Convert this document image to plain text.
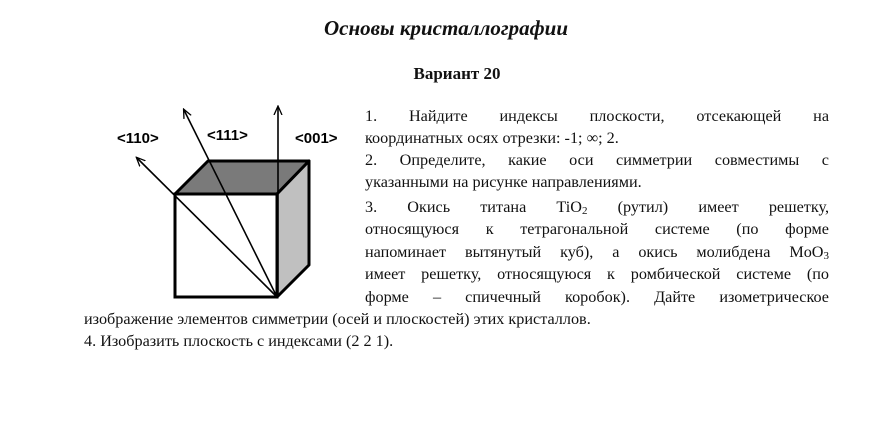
Основы кристаллографии
Вариант 20
<110>	<111>	<001>
1. Найдите индексы плоскости, отсекающей на
координатных осях отрезки: -1; ∞; 2.
2. Определите, какие оси симметрии совместимы с
указанными на рисунке направлениями.
3. Окись титана TiO$_2$ (рутил) имеет решетку,
относящуюся к тетрагональной системе (по форме
напоминает вытянутый куб), а окись молибдена MoO$_3$
имеет решетку, относящуюся к ромбической системе (по
форме – спичечный коробок). Дайте изометрическое
изображение элементов симметрии (осей и плоскостей) этих кристаллов.
4. Изобразить плоскость с индексами (2 2 1).
